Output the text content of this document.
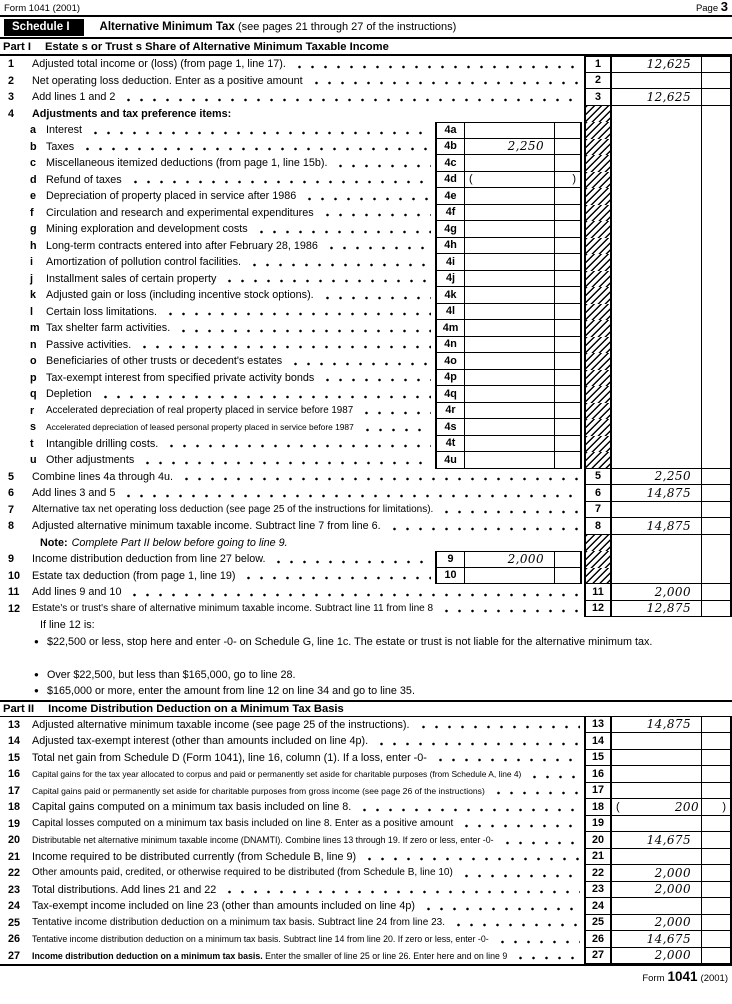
Form 1041 (2001)	Page 3
Schedule I	Alternative Minimum Tax (see pages 21 through 27 of the instructions)
Part I Estate s or Trust s Share of Alternative Minimum Taxable Income
1	Adjusted total income or (loss) (from page 1, line 17).	1	12,625
2	Net operating loss deduction. Enter as a positive amount	2
3	Add lines 1 and 2	3	12,625
4	Adjustments and tax preference items:
a Interest	4a
b Taxes	4b	2,250
c Miscellaneous itemized deductions (from page 1, line 15b).	4c
d Refund of taxes	4d	(	)
e Depreciation of property placed in service after 1986	4e
f	Circulation and research and experimental expenditures	4f
g Mining exploration and development costs	4g
h Long-term contracts entered into after February 28, 1986	4h
i	Amortization of pollution control facilities.	4i
j	Installment sales of certain property	4j
k Adjusted gain or loss (including incentive stock options).	4k
l	Certain loss limitations.	4l
m Tax shelter farm activities.	4m
n Passive activities.	4n
o Beneficiaries of other trusts or decedent's estates	4o
p Tax-exempt interest from specified private activity bonds	4p
q Depletion	4q
r	Accelerated depreciation of real property placed in service before 1987	4r
s	Accelerated depreciation of leased personal property placed in service before 1987	4s
t	Intangible drilling costs.	4t
u Other adjustments	4u
5	Combine lines 4a through 4u.	5	2,250
6	Add lines 3 and 5	6	14,875
7	Alternative tax net operating loss deduction (see page 25 of the instructions for limitations).	7
8	Adjusted alternative minimum taxable income. Subtract line 7 from line 6.	8	14,875
Note: Complete Part II below before going to line 9.
9	Income distribution deduction from line 27 below.	9	2,000
10	Estate tax deduction (from page 1, line 19)	10
11	Add lines 9 and 10	11	2,000
12	Estate's or trust's share of alternative minimum taxable income. Subtract line 11 from line 8	12	12,875
If line 12 is:
● $22,500 or less, stop here and enter -0- on Schedule G, line 1c. The estate or trust is not liable for the alternative minimum tax.
● Over $22,500, but less than $165,000, go to line 28.
● $165,000 or more, enter the amount from line 12 on line 34 and go to line 35.
Part II Income Distribution Deduction on a Minimum Tax Basis
13	Adjusted alternative minimum taxable income (see page 25 of the instructions).	13	14,875
14	Adjusted tax-exempt interest (other than amounts included on line 4p).	14
15	Total net gain from Schedule D (Form 1041), line 16, column (1). If a loss, enter -0-	15
16	Capital gains for the tax year allocated to corpus and paid or permanently set aside for charitable purposes (from Schedule A, line 4)	16
17	Capital gains paid or permanently set aside for charitable purposes from gross income (see page 26 of the instructions)	17
18	Capital gains computed on a minimum tax basis included on line 8.	18	(	200	)
19	Capital losses computed on a minimum tax basis included on line 8. Enter as a positive amount	19
20	Distributable net alternative minimum taxable income (DNAMTI). Combine lines 13 through 19. If zero or less, enter -0-	20	14,675
21	Income required to be distributed currently (from Schedule B, line 9)	21
22	Other amounts paid, credited, or otherwise required to be distributed (from Schedule B, line 10)	22	2,000
23	Total distributions. Add lines 21 and 22	23	2,000
24	Tax-exempt income included on line 23 (other than amounts included on line 4p)	24
25	Tentative income distribution deduction on a minimum tax basis. Subtract line 24 from line 23.	25	2,000
26	Tentative income distribution deduction on a minimum tax basis. Subtract line 14 from line 20. If zero or less, enter -0-	26	14,675
27	Income distribution deduction on a minimum tax basis. Enter the smaller of line 25 or line 26. Enter here and on line 9	27	2,000
Form 1041 (2001)
